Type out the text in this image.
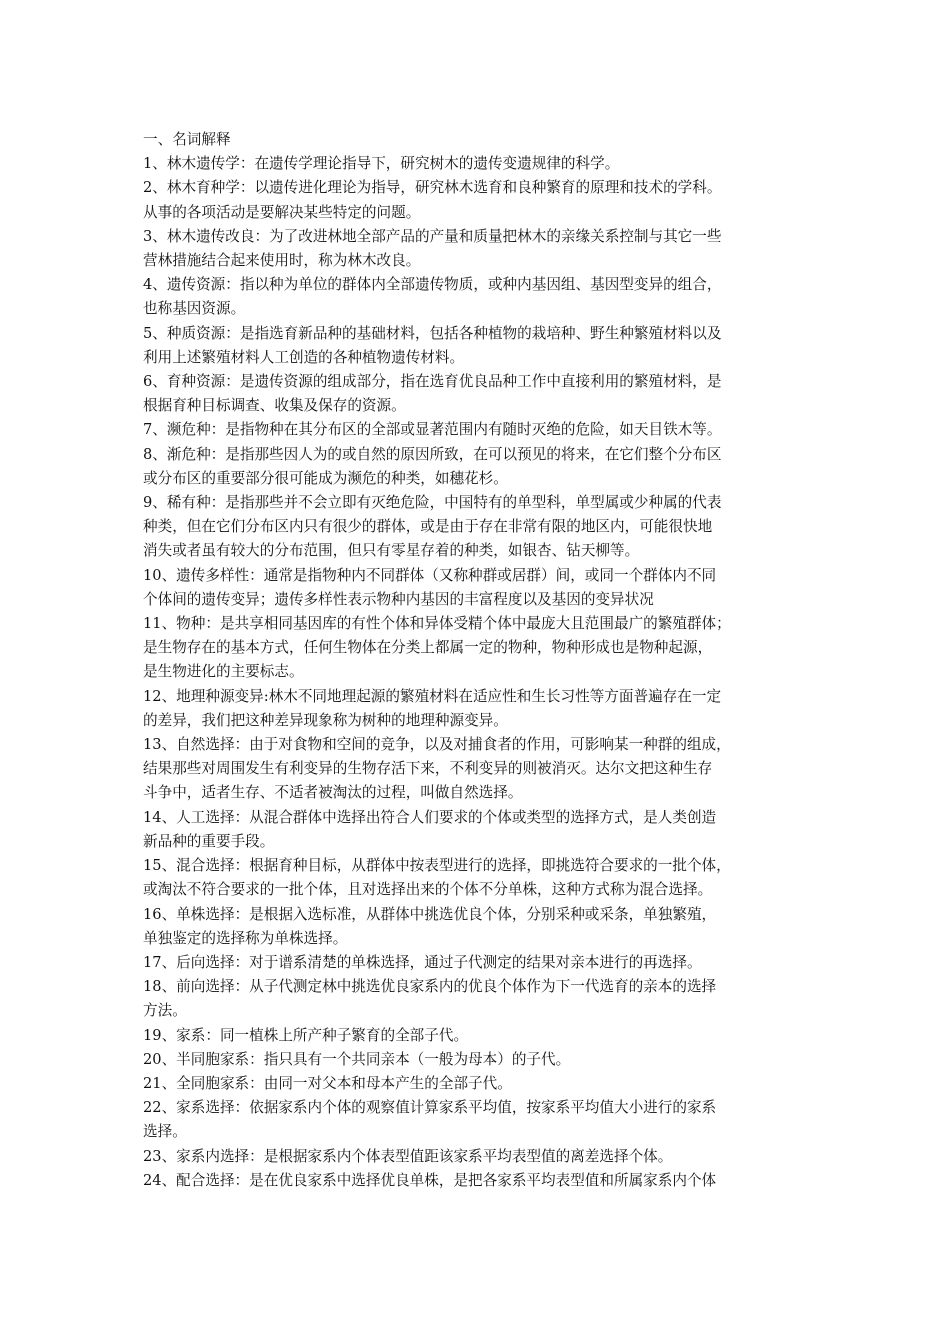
一、名词解释

1、林木遗传学：在遗传学理论指导下，研究树木的遗传变遗规律的科学。

2、林木育种学：以遗传进化理论为指导，研究林木选育和良种繁育的原理和技术的学科。
从事的各项活动是要解决某些特定的问题。

3、林木遗传改良：为了改进林地全部产品的产量和质量把林木的亲缘关系控制与其它一些
营林措施结合起来使用时，称为林木改良。

4、遗传资源：指以种为单位的群体内全部遗传物质，或种内基因组、基因型变异的组合，
也称基因资源。

5、种质资源：是指选育新品种的基础材料，包括各种植物的栽培种、野生种繁殖材料以及
利用上述繁殖材料人工创造的各种植物遗传材料。

6、育种资源：是遗传资源的组成部分，指在选育优良品种工作中直接利用的繁殖材料，是
根据育种目标调查、收集及保存的资源。

7、濒危种：是指物种在其分布区的全部或显著范围内有随时灭绝的危险，如天目铁木等。

8、渐危种：是指那些因人为的或自然的原因所致，在可以预见的将来，在它们整个分布区
或分布区的重要部分很可能成为濒危的种类，如穗花杉。

9、稀有种：是指那些并不会立即有灭绝危险，中国特有的单型科，单型属或少种属的代表
种类，但在它们分布区内只有很少的群体，或是由于存在非常有限的地区内，可能很快地
消失或者虽有较大的分布范围，但只有零星存着的种类，如银杏、钻天柳等。

10、遗传多样性：通常是指物种内不同群体（又称种群或居群）间，或同一个群体内不同
个体间的遗传变异；遗传多样性表示物种内基因的丰富程度以及基因的变异状况

11、物种：是共享相同基因库的有性个体和异体受精个体中最庞大且范围最广的繁殖群体；
是生物存在的基本方式，任何生物体在分类上都属一定的物种，物种形成也是物种起源，
是生物进化的主要标志。

12、地理种源变异:林木不同地理起源的繁殖材料在适应性和生长习性等方面普遍存在一定
的差异，我们把这种差异现象称为树种的地理种源变异。

13、自然选择：由于对食物和空间的竞争，以及对捕食者的作用，可影响某一种群的组成，
结果那些对周围发生有利变异的生物存活下来，不利变异的则被消灭。达尔文把这种生存
斗争中，适者生存、不适者被淘汰的过程，叫做自然选择。

14、人工选择：从混合群体中选择出符合人们要求的个体或类型的选择方式，是人类创造
新品种的重要手段。

15、混合选择：根据育种目标，从群体中按表型进行的选择，即挑选符合要求的一批个体，
或淘汰不符合要求的一批个体，且对选择出来的个体不分单株，这种方式称为混合选择。

16、单株选择：是根据入选标准，从群体中挑选优良个体，分别采种或采条，单独繁殖，
单独鉴定的选择称为单株选择。

17、后向选择：对于谱系清楚的单株选择，通过子代测定的结果对亲本进行的再选择。

18、前向选择：从子代测定林中挑选优良家系内的优良个体作为下一代选育的亲本的选择
方法。

19、家系：同一植株上所产种子繁育的全部子代。

20、半同胞家系：指只具有一个共同亲本（一般为母本）的子代。

21、全同胞家系：由同一对父本和母本产生的全部子代。

22、家系选择：依据家系内个体的观察值计算家系平均值，按家系平均值大小进行的家系
选择。

23、家系内选择：是根据家系内个体表型值距该家系平均表型值的离差选择个体。

24、配合选择：是在优良家系中选择优良单株，是把各家系平均表型值和所属家系内个体
